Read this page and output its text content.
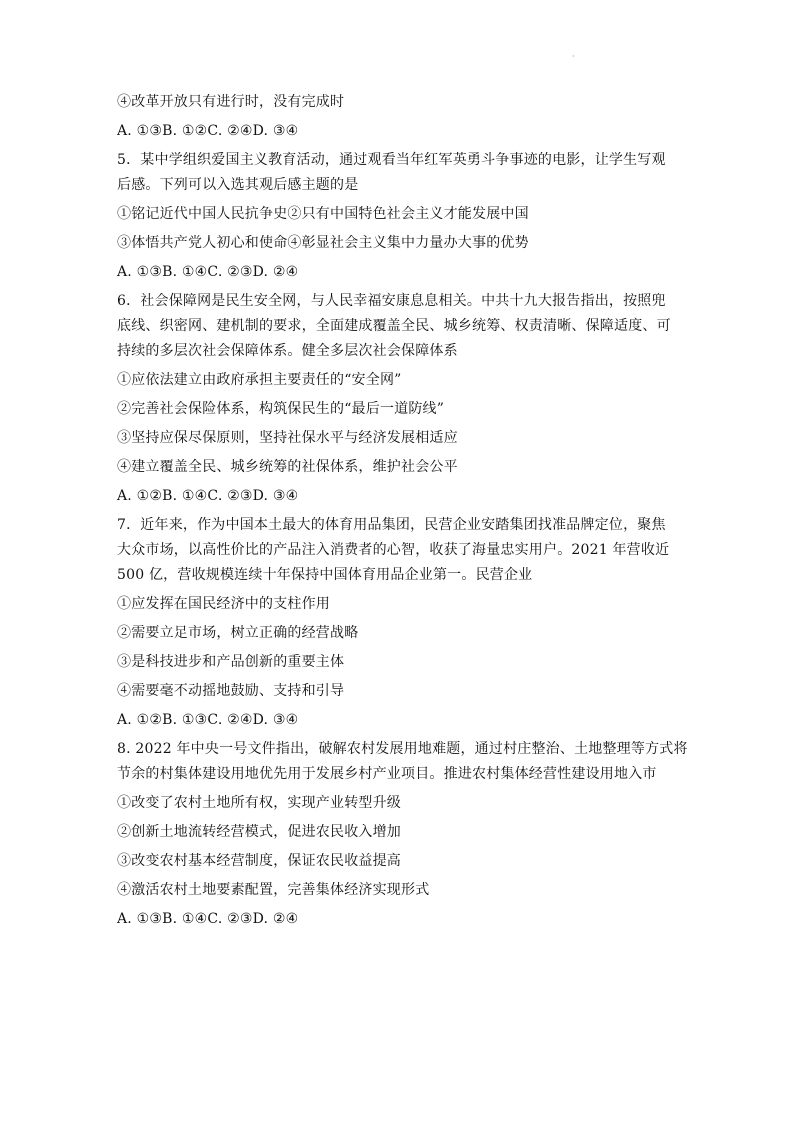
·
④改革开放只有进行时，没有完成时
A. ①③B. ①②C. ②④D. ③④
5．某中学组织爱国主义教育活动，通过观看当年红军英勇斗争事迹的电影，让学生写观
后感。下列可以入选其观后感主题的是
①铭记近代中国人民抗争史②只有中国特色社会主义才能发展中国
③体悟共产党人初心和使命④彰显社会主义集中力量办大事的优势
A. ①③B. ①④C. ②③D. ②④
6．社会保障网是民生安全网，与人民幸福安康息息相关。中共十九大报告指出，按照兜
底线、织密网、建机制的要求，全面建成覆盖全民、城乡统筹、权责清晰、保障适度、可
持续的多层次社会保障体系。健全多层次社会保障体系
①应依法建立由政府承担主要责任的“安全网”
②完善社会保险体系，构筑保民生的“最后一道防线”
③坚持应保尽保原则，坚持社保水平与经济发展相适应
④建立覆盖全民、城乡统筹的社保体系，维护社会公平
A. ①②B. ①④C. ②③D. ③④
7．近年来，作为中国本土最大的体育用品集团，民营企业安踏集团找准品牌定位，聚焦
大众市场，以高性价比的产品注入消费者的心智，收获了海量忠实用户。2021 年营收近
500 亿，营收规模连续十年保持中国体育用品企业第一。民营企业
①应发挥在国民经济中的支柱作用
②需要立足市场，树立正确的经营战略
③是科技进步和产品创新的重要主体
④需要毫不动摇地鼓励、支持和引导
A. ①②B. ①③C. ②④D. ③④
8. 2022 年中央一号文件指出，破解农村发展用地难题，通过村庄整治、土地整理等方式将
节余的村集体建设用地优先用于发展乡村产业项目。推进农村集体经营性建设用地入市
①改变了农村土地所有权，实现产业转型升级
②创新土地流转经营模式，促进农民收入增加
③改变农村基本经营制度，保证农民收益提高
④激活农村土地要素配置，完善集体经济实现形式
A. ①③B. ①④C. ②③D. ②④
